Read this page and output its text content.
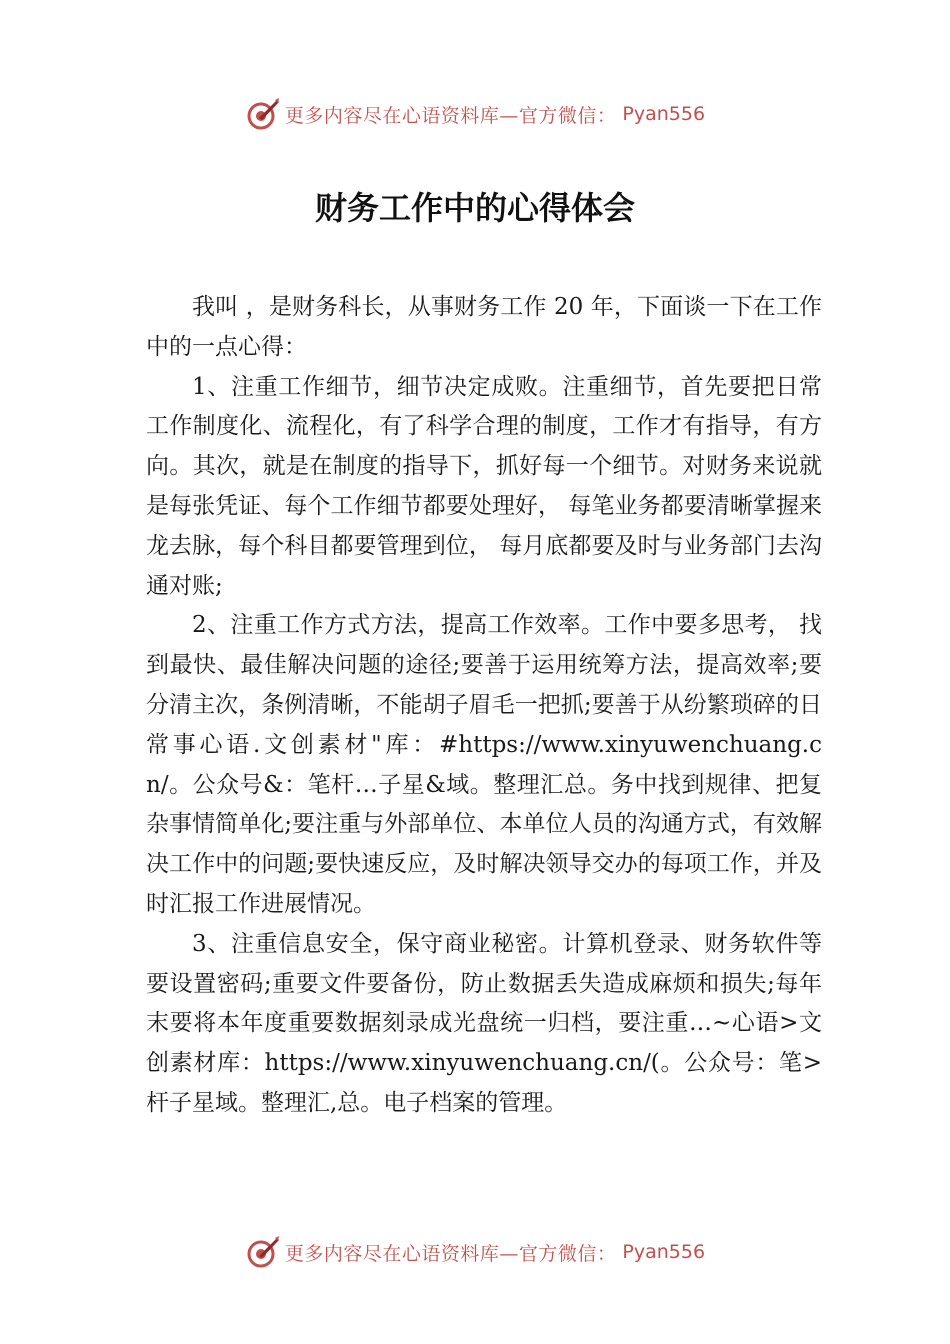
更多内容尽在心语资料库—官方微信： Pyan556
财务工作中的心得体会

我叫 ，是财务科长，从事财务工作 20 年，下面谈一下在工作中的一点心得：

1、注重工作细节，细节决定成败。注重细节，首先要把日常工作制度化、流程化，有了科学合理的制度，工作才有指导，有方向。其次，就是在制度的指导下，抓好每一个细节。对财务来说就是每张凭证、每个工作细节都要处理好， 每笔业务都要清晰掌握来龙去脉，每个科目都要管理到位， 每月底都要及时与业务部门去沟通对账;

2、注重工作方式方法，提高工作效率。工作中要多思考， 找到最快、最佳解决问题的途径;要善于运用统筹方法，提高效率;要分清主次，条例清晰，不能胡子眉毛一把抓;要善于从纷繁琐碎的日常事心语.文创素材"库：#https://www.xinyuwenchuang.cn/。公众号&：笔杆…子星&域。整理汇总。务中找到规律、把复杂事情简单化;要注重与外部单位、本单位人员的沟通方式，有效解决工作中的问题;要快速反应，及时解决领导交办的每项工作，并及时汇报工作进展情况。

3、注重信息安全，保守商业秘密。计算机登录、财务软件等要设置密码;重要文件要备份，防止数据丢失造成麻烦和损失;每年末要将本年度重要数据刻录成光盘统一归档，要注重…~心语>文创素材库：https://www.xinyuwenchuang.cn/(。公众号：笔>杆子星域。整理汇,总。电子档案的管理。

更多内容尽在心语资料库—官方微信： Pyan556
